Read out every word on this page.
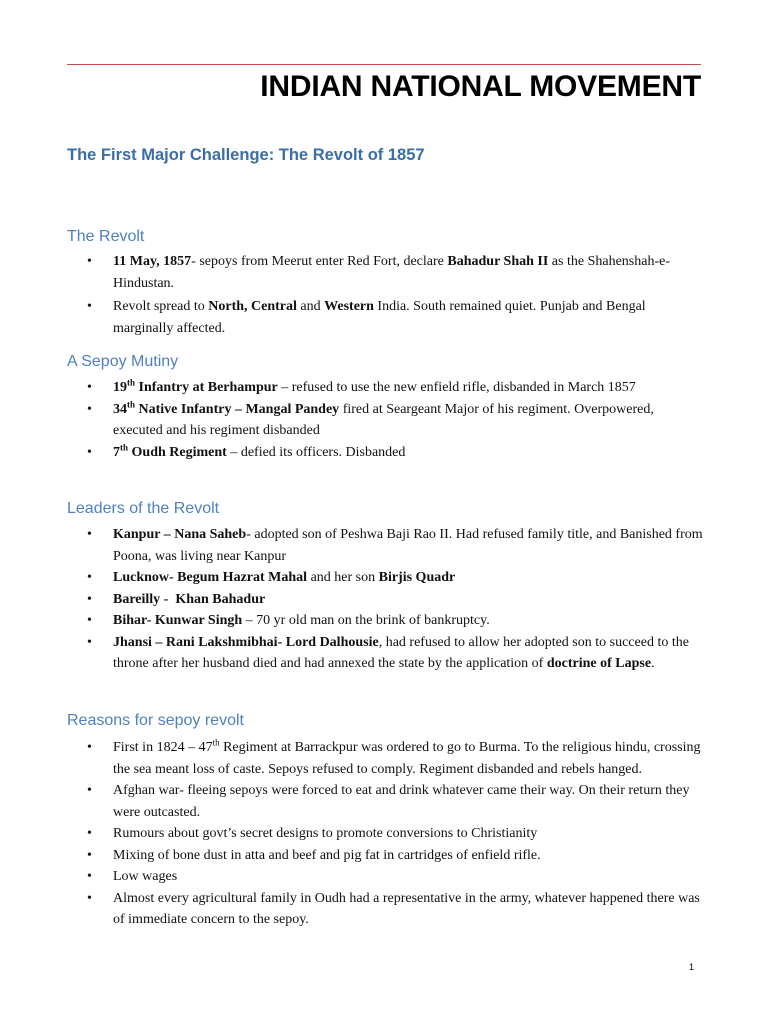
INDIAN NATIONAL MOVEMENT
The First Major Challenge: The Revolt of 1857
The Revolt
• 11 May, 1857- sepoys from Meerut enter Red Fort, declare Bahadur Shah II as the Shahenshah-e-Hindustan.
• Revolt spread to North, Central and Western India. South remained quiet. Punjab and Bengal marginally affected.
A Sepoy Mutiny
• 19th Infantry at Berhampur – refused to use the new enfield rifle, disbanded in March 1857
• 34th Native Infantry – Mangal Pandey fired at Seargeant Major of his regiment. Overpowered, executed and his regiment disbanded
• 7th Oudh Regiment – defied its officers. Disbanded
Leaders of the Revolt
• Kanpur – Nana Saheb- adopted son of Peshwa Baji Rao II. Had refused family title, and Banished from Poona, was living near Kanpur
• Lucknow- Begum Hazrat Mahal and her son Birjis Quadr
• Bareilly -  Khan Bahadur
• Bihar- Kunwar Singh – 70 yr old man on the brink of bankruptcy.
• Jhansi – Rani Lakshmibhai- Lord Dalhousie, had refused to allow her adopted son to succeed to the throne after her husband died and had annexed the state by the application of doctrine of Lapse.
Reasons for sepoy revolt
• First in 1824 – 47th Regiment at Barrackpur was ordered to go to Burma. To the religious hindu, crossing the sea meant loss of caste. Sepoys refused to comply. Regiment disbanded and rebels hanged.
• Afghan war- fleeing sepoys were forced to eat and drink whatever came their way. On their return they were outcasted.
• Rumours about govt’s secret designs to promote conversions to Christianity
• Mixing of bone dust in atta and beef and pig fat in cartridges of enfield rifle.
• Low wages
• Almost every agricultural family in Oudh had a representative in the army, whatever happened there was of immediate concern to the sepoy.
1
